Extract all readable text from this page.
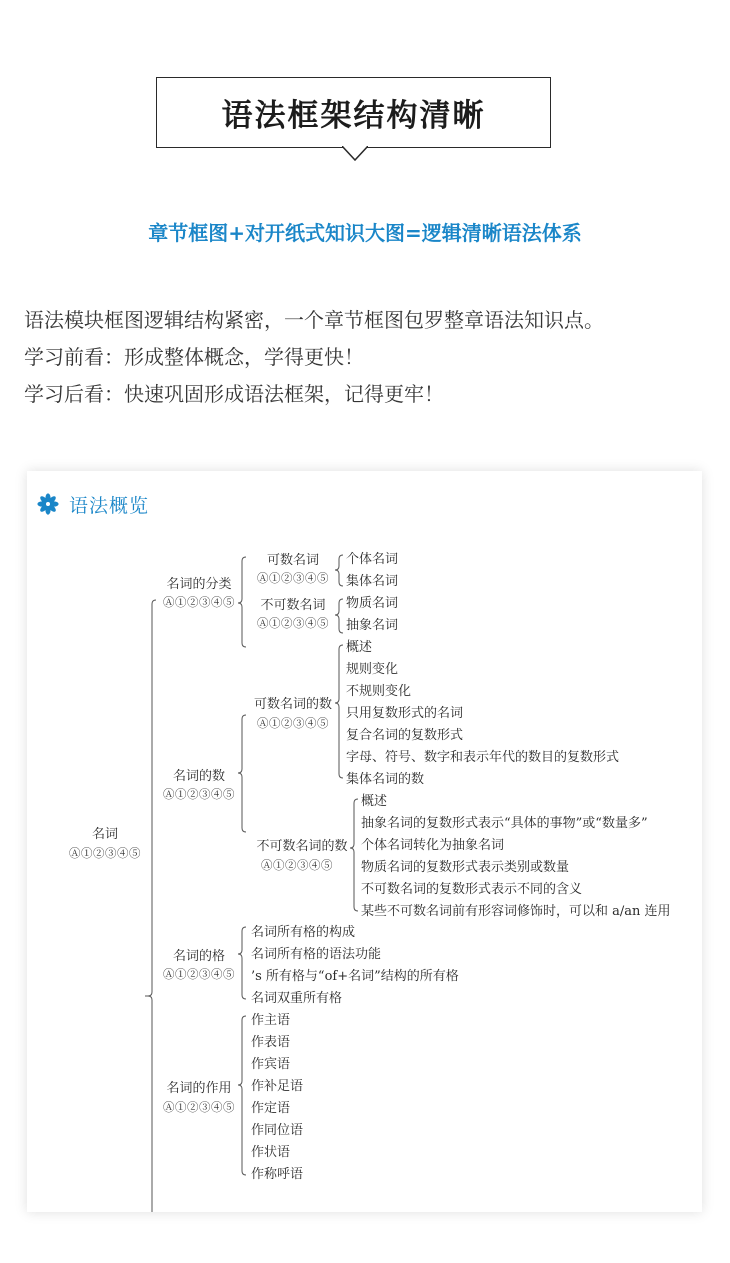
语法框架结构清晰
章节框图+对开纸式知识大图=逻辑清晰语法体系
语法模块框图逻辑结构紧密，一个章节框图包罗整章语法知识点。
学习前看：形成整体概念，学得更快！
学习后看：快速巩固形成语法框架，记得更牢！
语法概览
名词
Ⓐ①②③④⑤
名词的分类
Ⓐ①②③④⑤
可数名词
Ⓐ①②③④⑤
个体名词
集体名词
不可数名词
Ⓐ①②③④⑤
物质名词
抽象名词
名词的数
Ⓐ①②③④⑤
可数名词的数
Ⓐ①②③④⑤
概述
规则变化
不规则变化
只用复数形式的名词
复合名词的复数形式
字母、符号、数字和表示年代的数目的复数形式
集体名词的数
不可数名词的数
Ⓐ①②③④⑤
概述
抽象名词的复数形式表示“具体的事物”或“数量多”
个体名词转化为抽象名词
物质名词的复数形式表示类别或数量
不可数名词的复数形式表示不同的含义
某些不可数名词前有形容词修饰时，可以和 a/an 连用
名词的格
Ⓐ①②③④⑤
名词所有格的构成
名词所有格的语法功能
’s 所有格与“of+名词”结构的所有格
名词双重所有格
名词的作用
Ⓐ①②③④⑤
作主语
作表语
作宾语
作补足语
作定语
作同位语
作状语
作称呼语
